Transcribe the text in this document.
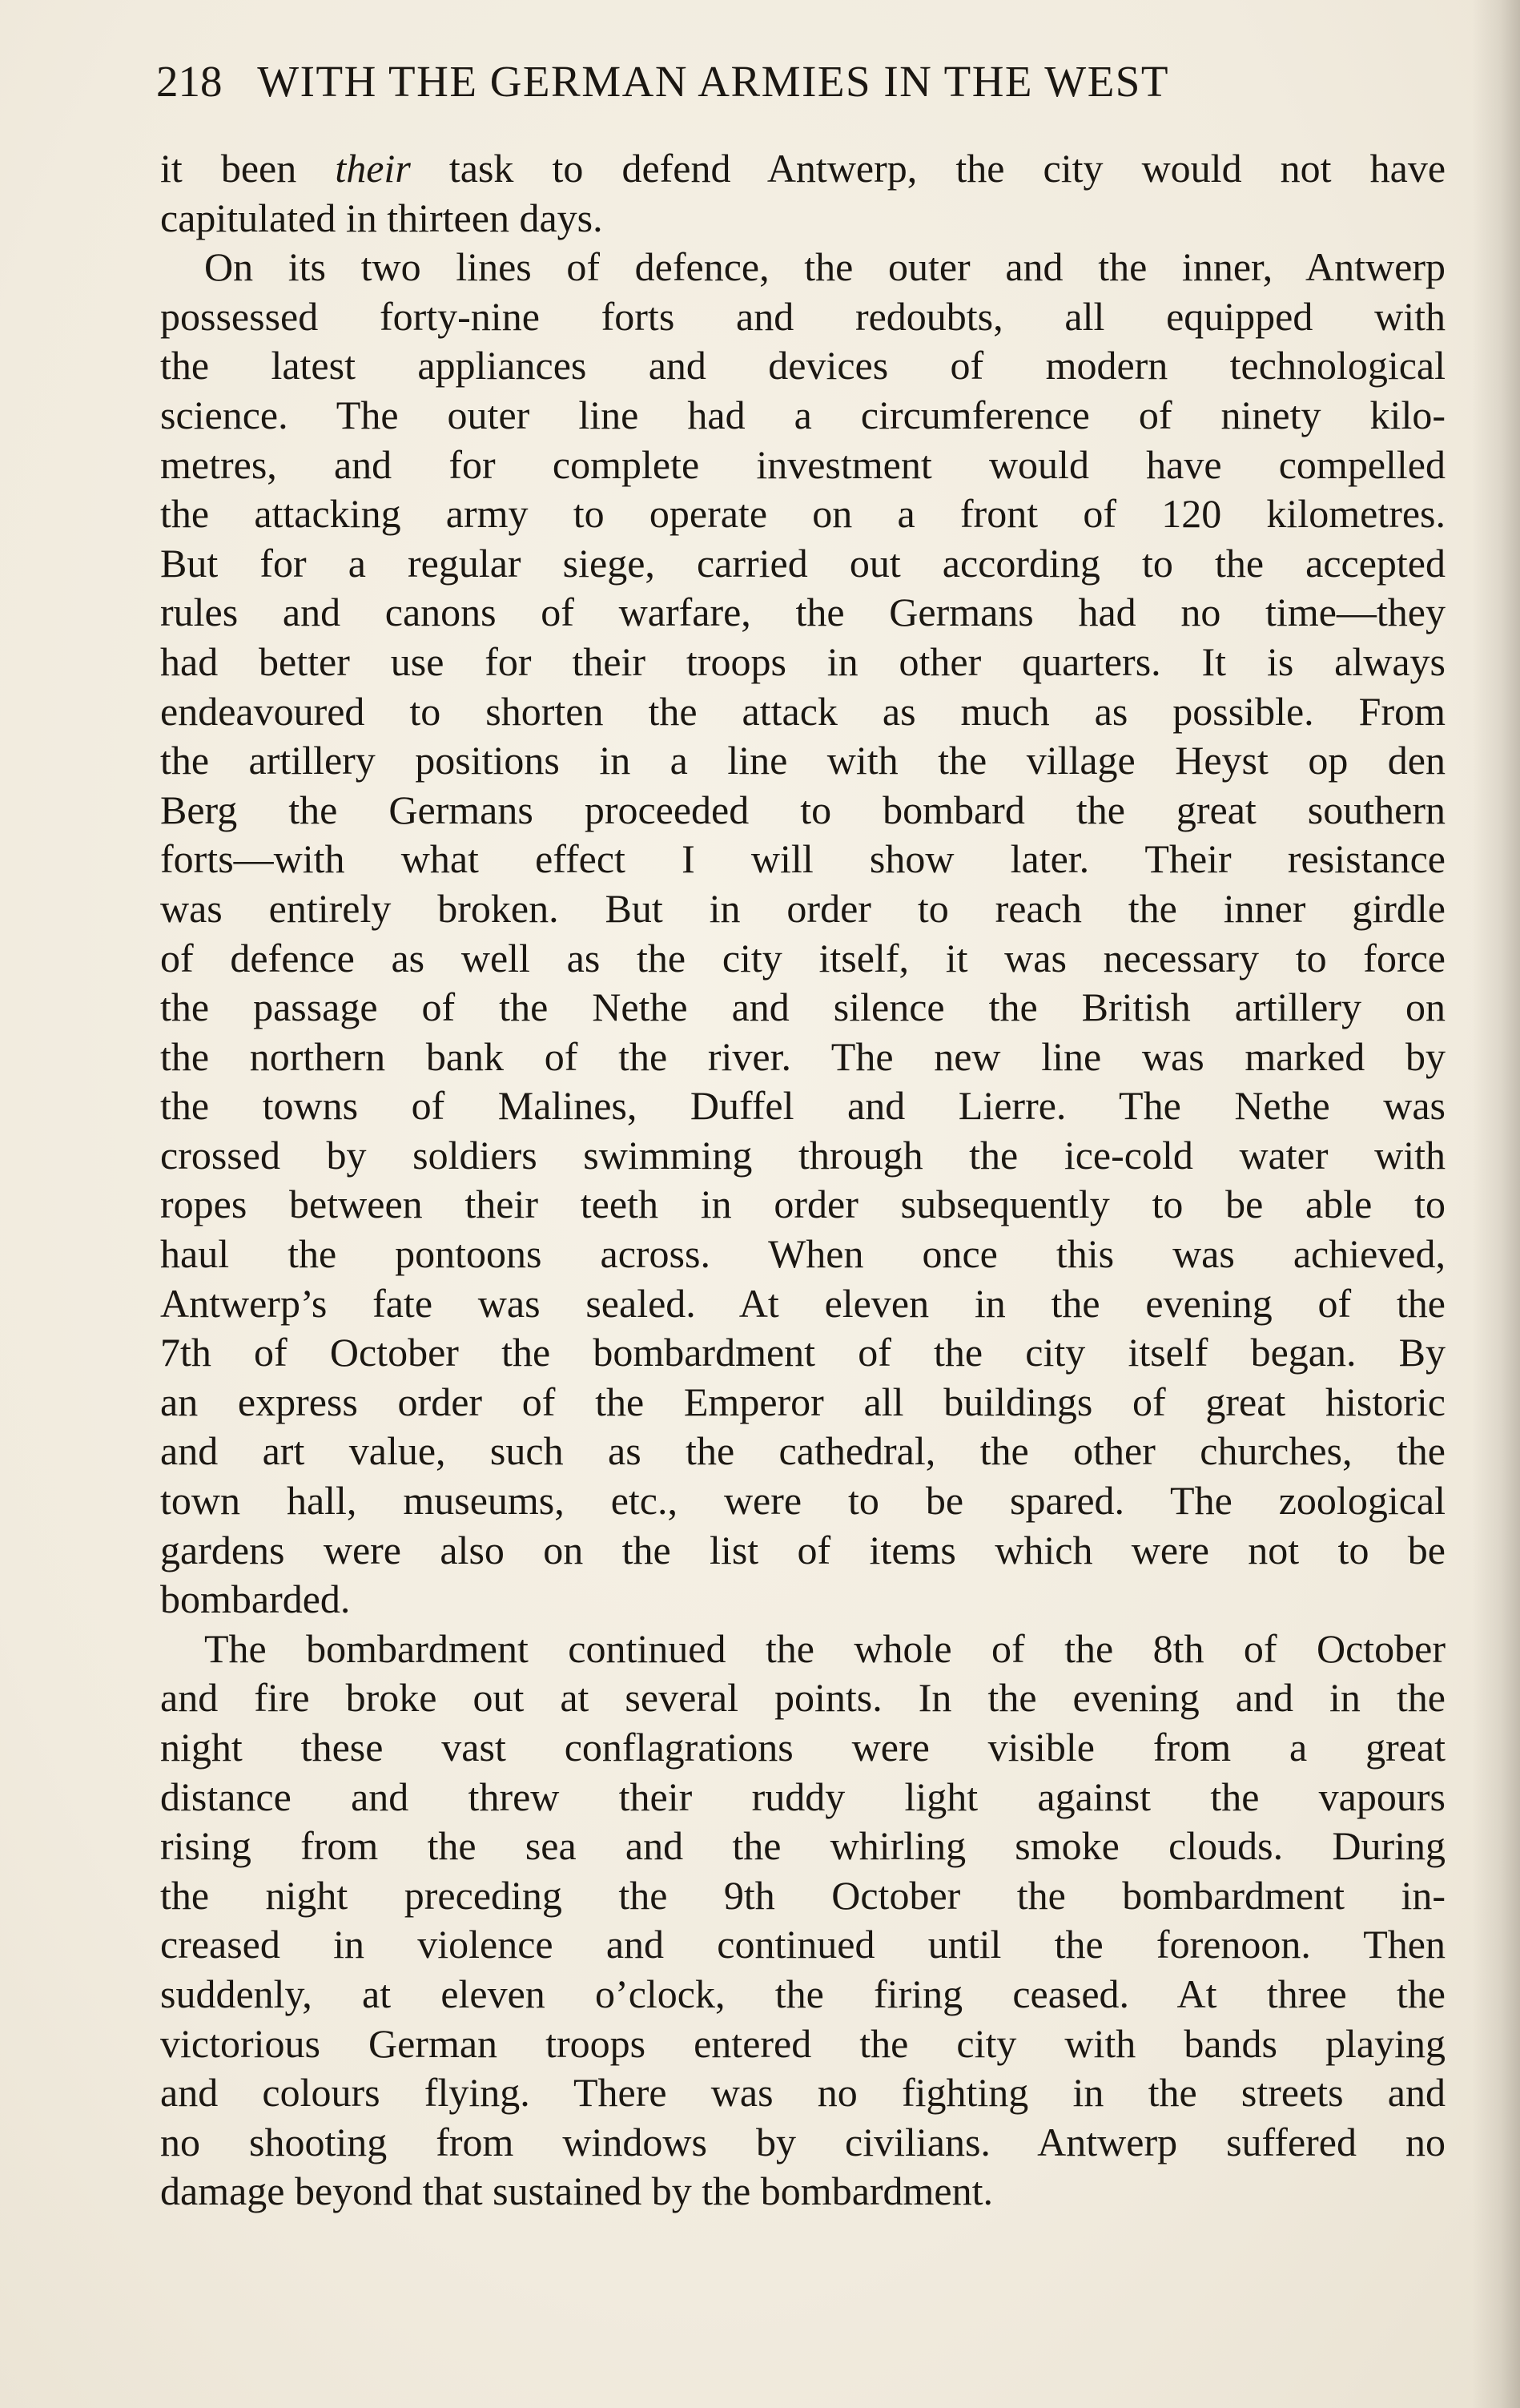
218 WITH THE GERMAN ARMIES IN THE WEST
it been their task to defend Antwerp, the city would not have
capitulated in thirteen days.
On its two lines of defence, the outer and the inner, Antwerp
possessed forty-nine forts and redoubts, all equipped with
the latest appliances and devices of modern technological
science. The outer line had a circumference of ninety kilo-
metres, and for complete investment would have compelled
the attacking army to operate on a front of 120 kilometres.
But for a regular siege, carried out according to the accepted
rules and canons of warfare, the Germans had no time—they
had better use for their troops in other quarters. It is always
endeavoured to shorten the attack as much as possible. From
the artillery positions in a line with the village Heyst op den
Berg the Germans proceeded to bombard the great southern
forts—with what effect I will show later. Their resistance
was entirely broken. But in order to reach the inner girdle
of defence as well as the city itself, it was necessary to force
the passage of the Nethe and silence the British artillery on
the northern bank of the river. The new line was marked by
the towns of Malines, Duffel and Lierre. The Nethe was
crossed by soldiers swimming through the ice-cold water with
ropes between their teeth in order subsequently to be able to
haul the pontoons across. When once this was achieved,
Antwerp’s fate was sealed. At eleven in the evening of the
7th of October the bombardment of the city itself began. By
an express order of the Emperor all buildings of great historic
and art value, such as the cathedral, the other churches, the
town hall, museums, etc., were to be spared. The zoological
gardens were also on the list of items which were not to be
bombarded.
The bombardment continued the whole of the 8th of October
and fire broke out at several points. In the evening and in the
night these vast conflagrations were visible from a great
distance and threw their ruddy light against the vapours
rising from the sea and the whirling smoke clouds. During
the night preceding the 9th October the bombardment in-
creased in violence and continued until the forenoon. Then
suddenly, at eleven o’clock, the firing ceased. At three the
victorious German troops entered the city with bands playing
and colours flying. There was no fighting in the streets and
no shooting from windows by civilians. Antwerp suffered no
damage beyond that sustained by the bombardment.
